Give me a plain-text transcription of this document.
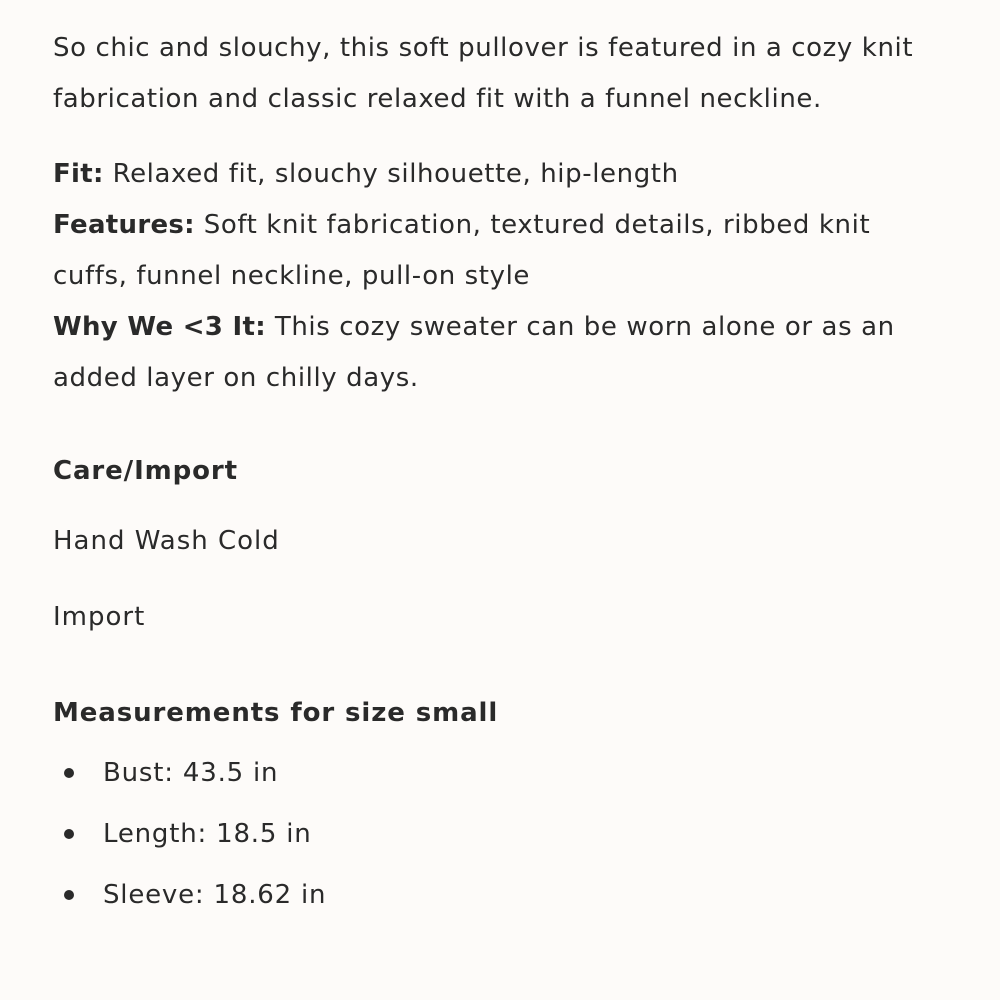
So chic and slouchy, this soft pullover is featured in a cozy knit fabrication and classic relaxed fit with a funnel neckline.

Fit: Relaxed fit, slouchy silhouette, hip-length
Features: Soft knit fabrication, textured details, ribbed knit cuffs, funnel neckline, pull-on style
Why We <3 It: This cozy sweater can be worn alone or as an added layer on chilly days.

Care/Import

Hand Wash Cold

Import

Measurements for size small
Bust: 43.5 in
Length: 18.5 in
Sleeve: 18.62 in
